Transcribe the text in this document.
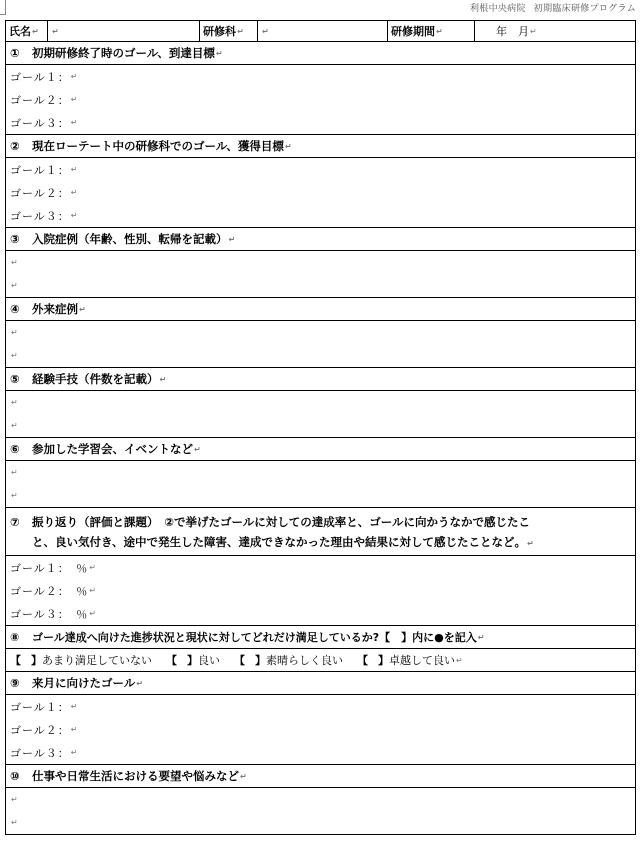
利根中央病院 初期臨床研修プログラム
氏名 ↵ ↵	研修科 ↵ ↵	研修期間 ↵	年　月 ↵
①	初期研修終了時のゴール、到達目標 ↵
ゴール１： ↵
ゴール２： ↵
ゴール３： ↵
②	現在ローテート中の研修科でのゴール、獲得目標 ↵
ゴール１： ↵
ゴール２： ↵
ゴール３： ↵
③	入院症例（年齢、性別、転帰を記載） ↵
↵
↵
④	外来症例 ↵
↵
↵
⑤	経験手技（件数を記載） ↵
↵
↵
⑥	参加した学習会、イベントなど ↵
↵
↵
⑦ 振り返り（評価と課題）　②で挙げたゴールに対しての達成率と、ゴールに向かうなかで感じたこ
と、良い気付き、途中で発生した障害、達成できなかった理由や結果に対して感じたことなど。↵
ゴール１：　％ ↵
ゴール２：　％ ↵
ゴール３：　％ ↵
⑧	ゴール達成へ向けた進捗状況と現状に対してどれだけ満足しているか?【　】内に●を記入 ↵
【 】あまり満足していない 【 】良い 【 】素晴らしく良い 【 】卓越して良い ↵
⑨	来月に向けたゴール ↵
ゴール１： ↵
ゴール２： ↵
ゴール３： ↵
⑩	仕事や日常生活における要望や悩みなど ↵
↵
↵
